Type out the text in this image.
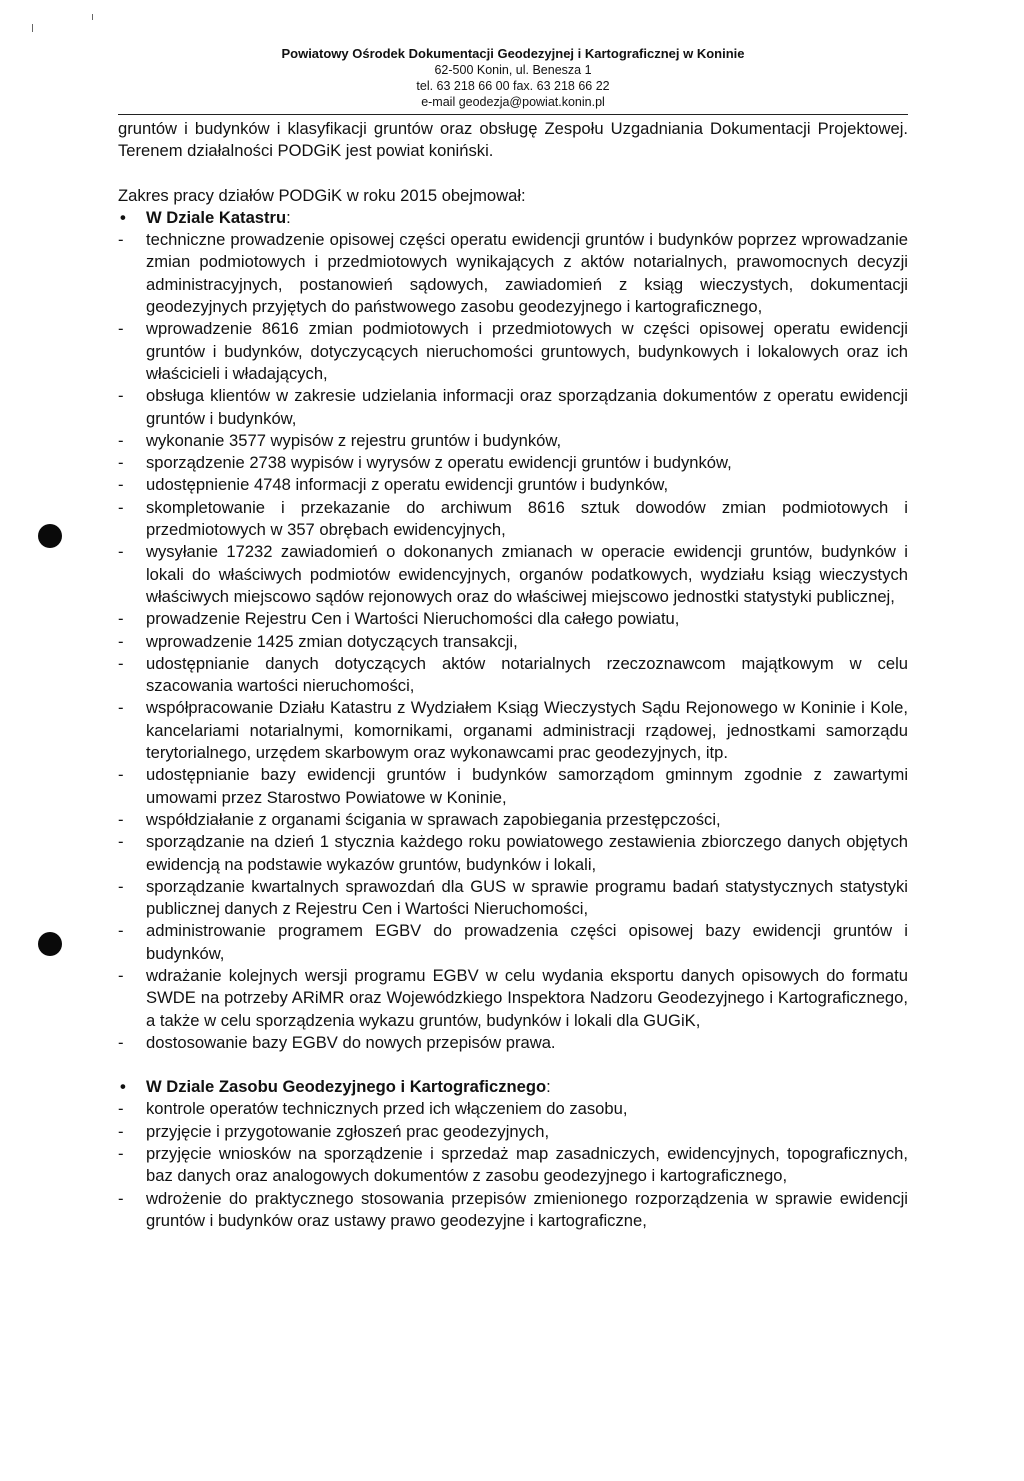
Powiatowy Ośrodek Dokumentacji Geodezyjnej i Kartograficznej w Koninie
62-500 Konin, ul. Benesza 1
tel. 63 218 66 00 fax. 63 218 66 22
e-mail geodezja@powiat.konin.pl

gruntów i budynków i klasyfikacji gruntów oraz obsługę Zespołu Uzgadniania Dokumentacji Projektowej. Terenem działalności PODGiK jest powiat koniński.

Zakres pracy działów PODGiK w roku 2015 obejmował:

• W Dziale Katastru:

- techniczne prowadzenie opisowej części operatu ewidencji gruntów i budynków poprzez wprowadzanie zmian podmiotowych i przedmiotowych wynikających z aktów notarialnych, prawomocnych decyzji administracyjnych, postanowień sądowych, zawiadomień z ksiąg wieczystych, dokumentacji geodezyjnych przyjętych do państwowego zasobu geodezyjnego i kartograficznego,
- wprowadzenie 8616 zmian podmiotowych i przedmiotowych w części opisowej operatu ewidencji gruntów i budynków, dotyczycących nieruchomości gruntowych, budynkowych i lokalowych oraz ich właścicieli i władających,
- obsługa klientów w zakresie udzielania informacji oraz sporządzania dokumentów z operatu ewidencji gruntów i budynków,
- wykonanie 3577 wypisów z rejestru gruntów i budynków,
- sporządzenie 2738 wypisów i wyrysów z operatu ewidencji gruntów i budynków,
- udostępnienie 4748 informacji z operatu ewidencji gruntów i budynków,
- skompletowanie i przekazanie do archiwum 8616 sztuk dowodów zmian podmiotowych i przedmiotowych w 357 obrębach ewidencyjnych,
- wysyłanie 17232 zawiadomień o dokonanych zmianach w operacie ewidencji gruntów, budynków i lokali do właściwych podmiotów ewidencyjnych, organów podatkowych, wydziału ksiąg wieczystych właściwych miejscowo sądów rejonowych oraz do właściwej miejscowo jednostki statystyki publicznej,
- prowadzenie Rejestru Cen i Wartości Nieruchomości dla całego powiatu,
- wprowadzenie 1425 zmian dotyczących transakcji,
- udostępnianie danych dotyczących aktów notarialnych rzeczoznawcom majątkowym w celu szacowania wartości nieruchomości,
- współpracowanie Działu Katastru z Wydziałem Ksiąg Wieczystych Sądu Rejonowego w Koninie i Kole, kancelariami notarialnymi, komornikami, organami administracji rządowej, jednostkami samorządu terytorialnego, urzędem skarbowym oraz wykonawcami prac geodezyjnych, itp.
- udostępnianie bazy ewidencji gruntów i budynków samorządom gminnym zgodnie z zawartymi umowami przez Starostwo Powiatowe w Koninie,
- współdziałanie z organami ścigania w sprawach zapobiegania przestępczości,
- sporządzanie na dzień 1 stycznia każdego roku powiatowego zestawienia zbiorczego danych objętych ewidencją na podstawie wykazów gruntów, budynków i lokali,
- sporządzanie kwartalnych sprawozdań dla GUS w sprawie programu badań statystycznych statystyki publicznej danych z Rejestru Cen i Wartości Nieruchomości,
- administrowanie programem EGBV do prowadzenia części opisowej bazy ewidencji gruntów i budynków,
- wdrażanie kolejnych wersji programu EGBV w celu wydania eksportu danych opisowych do formatu SWDE na potrzeby ARiMR oraz Wojewódzkiego Inspektora Nadzoru Geodezyjnego i Kartograficznego, a także w celu sporządzenia wykazu gruntów, budynków i lokali dla GUGiK,
- dostosowanie bazy EGBV do nowych przepisów prawa.

• W Dziale Zasobu Geodezyjnego i Kartograficznego:

- kontrole operatów technicznych przed ich włączeniem do zasobu,
- przyjęcie i przygotowanie zgłoszeń prac geodezyjnych,
- przyjęcie wniosków na sporządzenie i sprzedaż map zasadniczych, ewidencyjnych, topograficznych, baz danych oraz analogowych dokumentów z zasobu geodezyjnego i kartograficznego,
- wdrożenie do praktycznego stosowania przepisów zmienionego rozporządzenia w sprawie ewidencji gruntów i budynków oraz ustawy prawo geodezyjne i kartograficzne,
